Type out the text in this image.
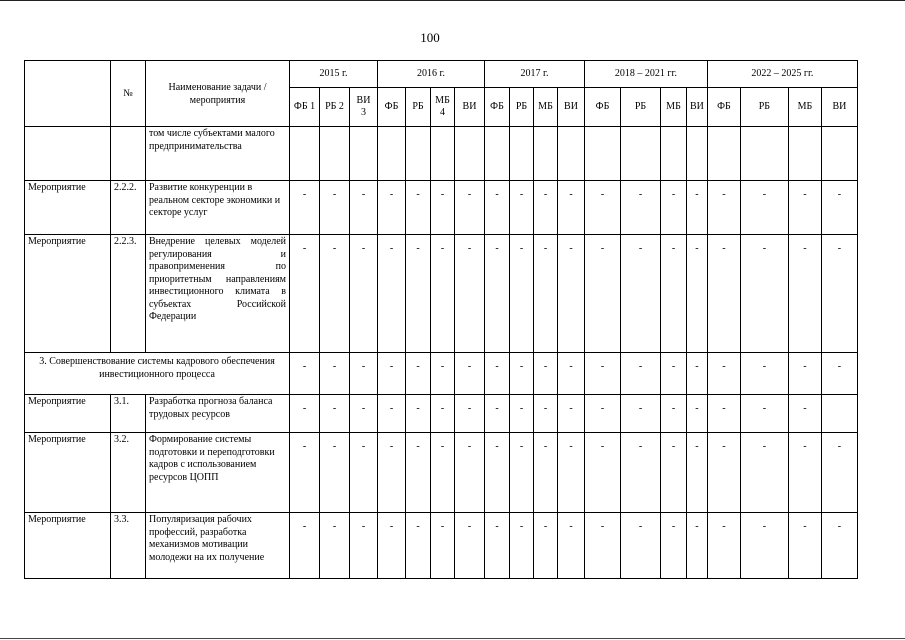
100
	№	Наименование задачи / мероприятия	2015 г.			2016 г.				2017 г.				2018 – 2021 гг.				2022 – 2025 гг.			
			ФБ 1	РБ 2	ВИ 3	ФБ	РБ	МБ 4	ВИ	ФБ	РБ	МБ	ВИ	ФБ	РБ	МБ	ВИ	ФБ	РБ	МБ	ВИ
		том числе субъектами малого предпринимательства																			
Мероприятие	2.2.2.	Развитие конкуренции в реальном секторе экономики и секторе услуг	-	-	-	-	-	-	-	-	-	-	-	-	-	-	-	-	-	-	-
Мероприятие	2.2.3.	Внедрение целевых моделей регулирования и правоприменения по приоритетным направлениям инвестиционного климата в субъектах Российской Федерации	-	-	-	-	-	-	-	-	-	-	-	-	-	-	-	-	-	-	-
3. Совершенствование системы кадрового обеспечения инвестиционного процесса			-	-	-	-	-	-	-	-	-	-	-	-	-	-	-	-	-	-	-
Мероприятие	3.1.	Разработка прогноза баланса трудовых ресурсов	-	-	-	-	-	-	-	-	-	-	-	-	-	-	-	-	-	-	
Мероприятие	3.2.	Формирование системы подготовки и переподготовки кадров с использованием ресурсов ЦОПП	-	-	-	-	-	-	-	-	-	-	-	-	-	-	-	-	-	-	-
Мероприятие	3.3.	Популяризация рабочих профессий, разработка механизмов мотивации молодежи на их получение	-	-	-	-	-	-	-	-	-	-	-	-	-	-	-	-	-	-	-
